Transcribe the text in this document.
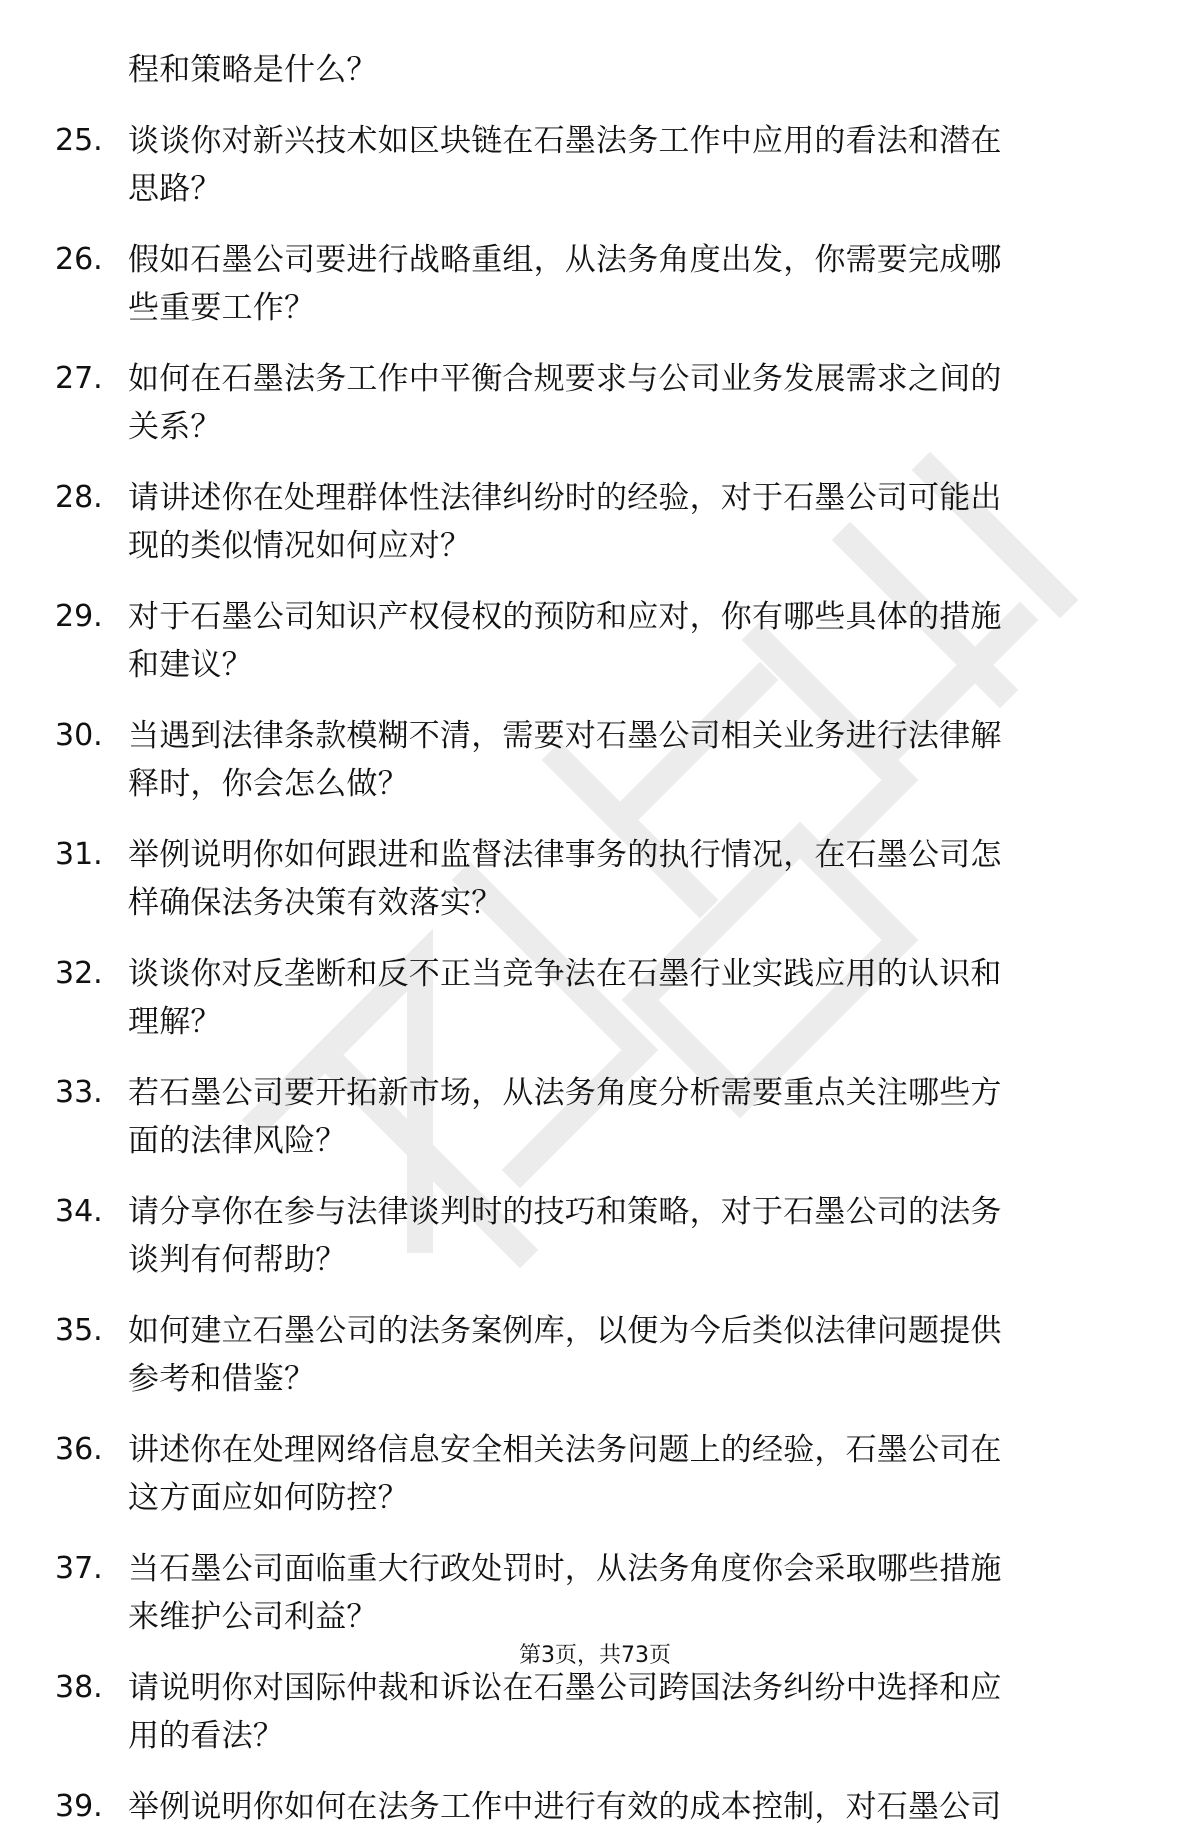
程和策略是什么？
25. 谈谈你对新兴技术如区块链在石墨法务工作中应用的看法和潜在
思路？
26. 假如石墨公司要进行战略重组，从法务角度出发，你需要完成哪
些重要工作？
27. 如何在石墨法务工作中平衡合规要求与公司业务发展需求之间的
关系？
28. 请讲述你在处理群体性法律纠纷时的经验，对于石墨公司可能出
现的类似情况如何应对？
29. 对于石墨公司知识产权侵权的预防和应对，你有哪些具体的措施
和建议？
30. 当遇到法律条款模糊不清，需要对石墨公司相关业务进行法律解
释时，你会怎么做？
31. 举例说明你如何跟进和监督法律事务的执行情况，在石墨公司怎
样确保法务决策有效落实？
32. 谈谈你对反垄断和反不正当竞争法在石墨行业实践应用的认识和
理解？
33. 若石墨公司要开拓新市场，从法务角度分析需要重点关注哪些方
面的法律风险？
34. 请分享你在参与法律谈判时的技巧和策略，对于石墨公司的法务
谈判有何帮助？
35. 如何建立石墨公司的法务案例库，以便为今后类似法律问题提供
参考和借鉴？
36. 讲述你在处理网络信息安全相关法务问题上的经验，石墨公司在
这方面应如何防控？
37. 当石墨公司面临重大行政处罚时，从法务角度你会采取哪些措施
来维护公司利益？
38. 请说明你对国际仲裁和诉讼在石墨公司跨国法务纠纷中选择和应
用的看法？
39. 举例说明你如何在法务工作中进行有效的成本控制，对石墨公司
第3页，共73页
